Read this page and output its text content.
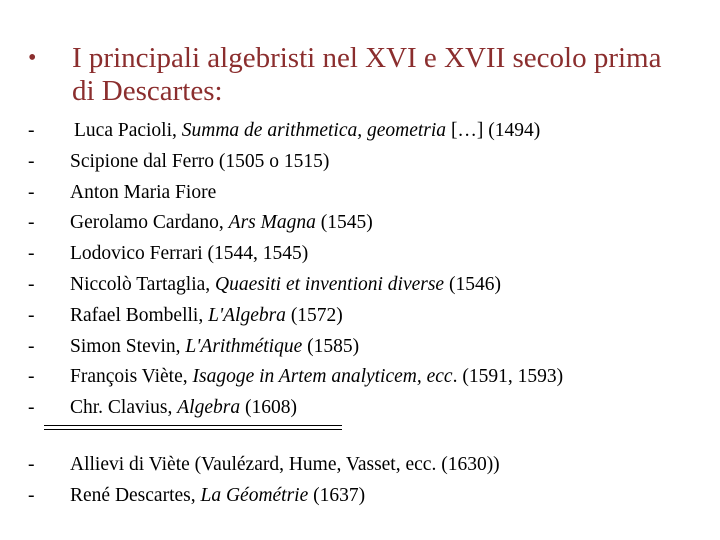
•	I principali algebristi nel XVI e XVII secolo prima di Descartes:
-	Luca Pacioli, Summa de arithmetica, geometria […] (1494)
-	Scipione dal Ferro (1505 o 1515)
-	Anton Maria Fiore
-	Gerolamo Cardano, Ars Magna (1545)
-	Lodovico Ferrari (1544, 1545)
-	Niccolò Tartaglia, Quaesiti et inventioni diverse (1546)
-	Rafael Bombelli, L'Algebra (1572)
-	Simon Stevin, L'Arithmétique (1585)
-	François Viète, Isagoge in Artem analyticem, ecc. (1591, 1593)
-	Chr. Clavius, Algebra (1608)
-	Allievi di Viète (Vaulézard, Hume, Vasset, ecc. (1630))
-	René Descartes, La Géométrie (1637)
